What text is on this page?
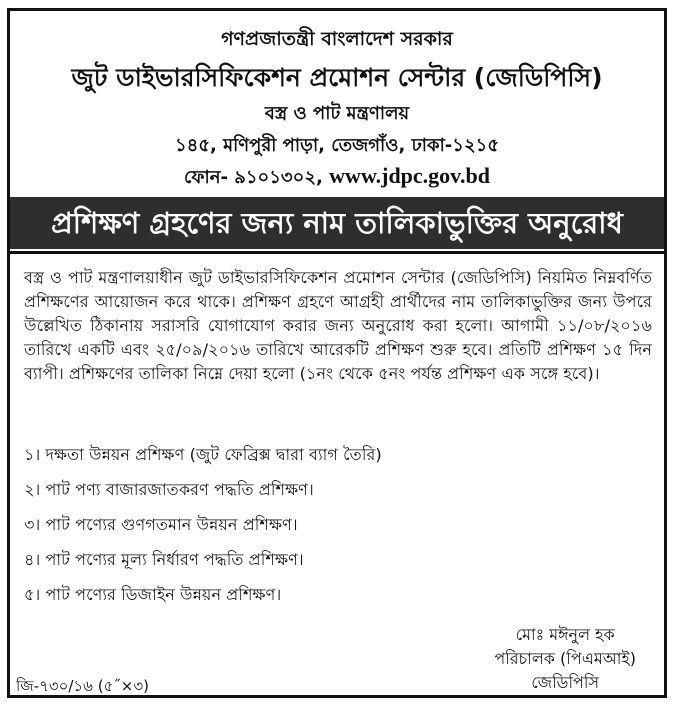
গণপ্রজাতন্ত্রী বাংলাদেশ সরকার
জুট ডাইভারসিফিকেশন প্রমোশন সেন্টার (জেডিপিসি)
বস্ত্র ও পাট মন্ত্রণালয়
১৪৫, মণিপুরী পাড়া, তেজগাঁও, ঢাকা-১২১৫
ফোন- ৯১০১৩০২, www.jdpc.gov.bd
প্রশিক্ষণ গ্রহণের জন্য নাম তালিকাভুক্তির অনুরোধ
বস্ত্র ও পাট মন্ত্রণালয়াধীন জুট ডাইভারসিফিকেশন প্রমোশন সেন্টার (জেডিপিসি) নিয়মিত নিম্নবর্ণিত প্রশিক্ষণের আয়োজন করে থাকে। প্রশিক্ষণ গ্রহণে আগ্রহী প্রার্থীদের নাম তালিকাভুক্তির জন্য উপরে উল্লেখিত ঠিকানায় সরাসরি যোগাযোগ করার জন্য অনুরোধ করা হলো। আগামী ১১/০৮/২০১৬ তারিখে একটি এবং ২৫/০৯/২০১৬ তারিখে আরেকটি প্রশিক্ষণ শুরু হবে। প্রতিটি প্রশিক্ষণ ১৫ দিন ব্যাপী। প্রশিক্ষণের তালিকা নিম্নে দেয়া হলো (১নং থেকে ৫নং পর্যন্ত প্রশিক্ষণ এক সঙ্গে হবে)।
১। দক্ষতা উন্নয়ন প্রশিক্ষণ (জুট ফেব্রিক্স দ্বারা ব্যাগ তৈরি)
২। পাট পণ্য বাজারজাতকরণ পদ্ধতি প্রশিক্ষণ।
৩। পাট পণ্যের গুণগতমান উন্নয়ন প্রশিক্ষণ।
৪। পাট পণ্যের মূল্য নির্ধারণ পদ্ধতি প্রশিক্ষণ।
৫। পাট পণ্যের ডিজাইন উন্নয়ন প্রশিক্ষণ।
মোঃ মঈনুল হক
পরিচালক (পিএমআই)
জেডিপিসি
জি-৭৩০/১৬ (৫˝×৩)
